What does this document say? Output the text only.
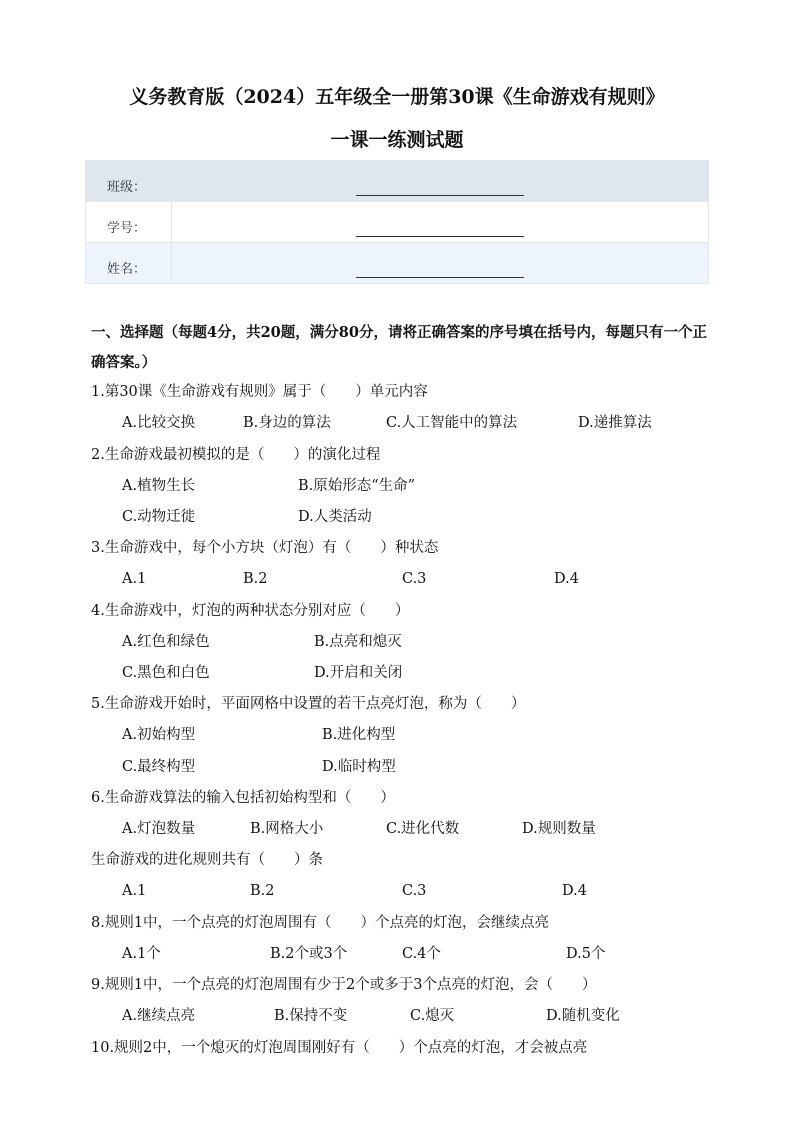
义务教育版（2024）五年级全一册第30课《生命游戏有规则》
一课一练测试题
班级：	
学号：	
姓名：	

一、选择题（每题4分，共20题，满分80分，请将正确答案的序号填在括号内，每题只有一个正确答案。）

1.第30课《生命游戏有规则》属于（　　）单元内容
A.比较交换	B.身边的算法	C.人工智能中的算法	D.递推算法
2.生命游戏最初模拟的是（　　）的演化过程
A.植物生长	B.原始形态“生命”
C.动物迁徙	D.人类活动
3.生命游戏中，每个小方块（灯泡）有（　　）种状态
A.1	B.2	C.3	D.4
4.生命游戏中，灯泡的两种状态分别对应（　　）
A.红色和绿色	B.点亮和熄灭
C.黑色和白色	D.开启和关闭
5.生命游戏开始时，平面网格中设置的若干点亮灯泡，称为（　　）
A.初始构型	B.进化构型
C.最终构型	D.临时构型
6.生命游戏算法的输入包括初始构型和（　　）
A.灯泡数量	B.网格大小	C.进化代数	D.规则数量
生命游戏的进化规则共有（　　）条
A.1	B.2	C.3	D.4
8.规则1中，一个点亮的灯泡周围有（　　）个点亮的灯泡，会继续点亮
A.1个	B.2个或3个	C.4个	D.5个
9.规则1中，一个点亮的灯泡周围有少于2个或多于3个点亮的灯泡，会（　　）
A.继续点亮	B.保持不变	C.熄灭	D.随机变化
10.规则2中，一个熄灭的灯泡周围刚好有（　　）个点亮的灯泡，才会被点亮
